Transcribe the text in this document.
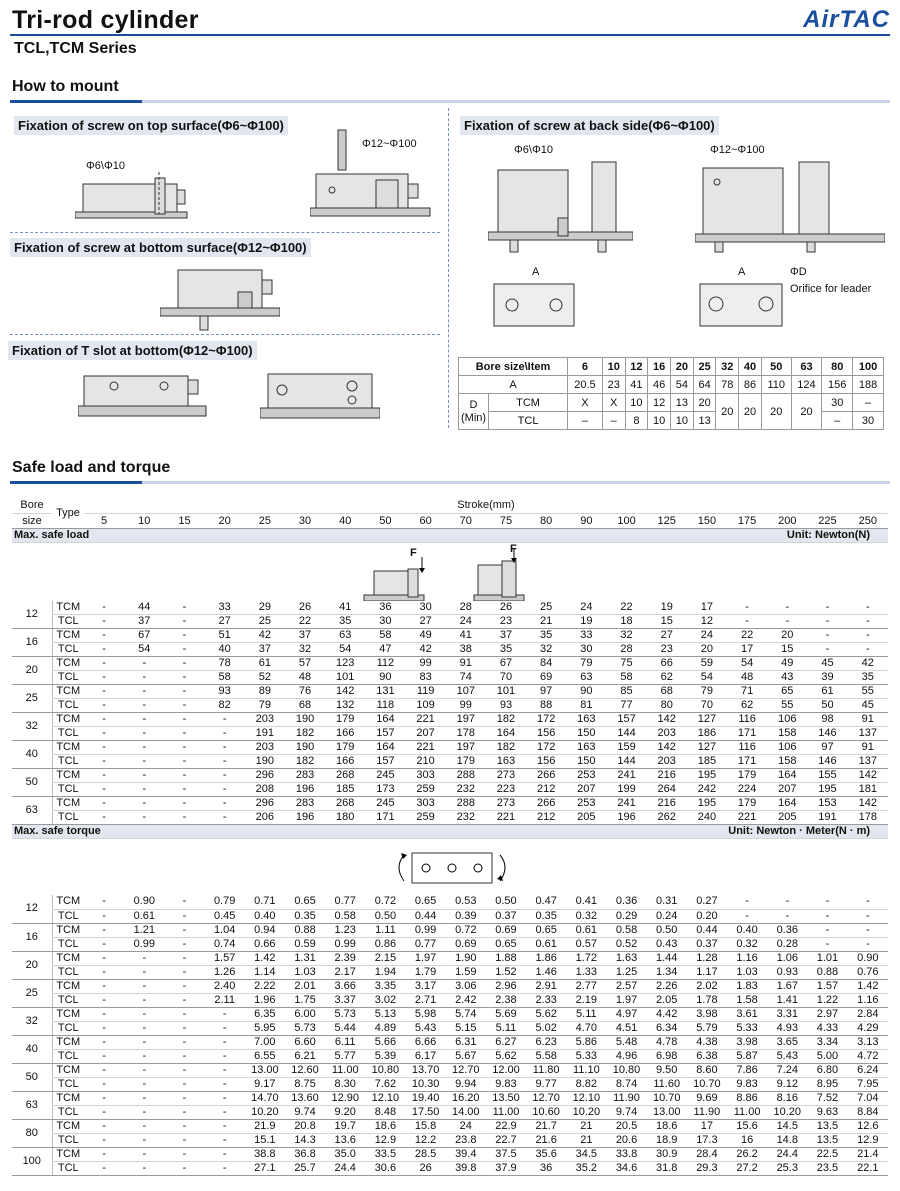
Tri-rod cylinder	AirTAC
TCL,TCM Series
How to mount
Fixation of screw on top surface(Φ6~Φ100)
Φ6\Φ10
Φ12~Φ100
Fixation of screw at bottom surface(Φ12~Φ100)
Fixation of T slot at bottom(Φ12~Φ100)
Fixation of screw at back side(Φ6~Φ100)
Φ6\Φ10	Φ12~Φ100
A	A	ΦD
Orifice for leader
Bore size\Item		6	10	12	16	20	25	32	40	50	63	80	100
A		20.5	23	41	46	54	64	78	86	110	124	156	188
D
(Min)	TCM	X	X	10	12	13	20	20	20	20	20	30	–
	TCL	–	–	8	10	10	13					–	30
Safe load and torque
Bore	Type	Stroke(mm)																			
size		5	10	15	20	25	30	40	50	60	70	75	80	90	100	125	150	175	200	225	250

Unit: Newton(N)
Max. safe load																					

F F																					

12	TCM	-	44	-	33	29	26	41	36	30	28	26	25	24	22	19	17	-	-	-	-
	TCL	-	37	-	27	25	22	35	30	27	24	23	21	19	18	15	12	-	-	-	-
16	TCM	-	67	-	51	42	37	63	58	49	41	37	35	33	32	27	24	22	20	-	-
	TCL	-	54	-	40	37	32	54	47	42	38	35	32	30	28	23	20	17	15	-	-
20	TCM	-	-	-	78	61	57	123	112	99	91	67	84	79	75	66	59	54	49	45	42
	TCL	-	-	-	58	52	48	101	90	83	74	70	69	63	58	62	54	48	43	39	35
25	TCM	-	-	-	93	89	76	142	131	119	107	101	97	90	85	68	79	71	65	61	55
	TCL	-	-	-	82	79	68	132	118	109	99	93	88	81	77	80	70	62	55	50	45
32	TCM	-	-	-	-	203	190	179	164	221	197	182	172	163	157	142	127	116	106	98	91
	TCL	-	-	-	-	191	182	166	157	207	178	164	156	150	144	203	186	171	158	146	137
40	TCM	-	-	-	-	203	190	179	164	221	197	182	172	163	159	142	127	116	106	97	91
	TCL	-	-	-	-	190	182	166	157	210	179	163	156	150	144	203	185	171	158	146	137
50	TCM	-	-	-	-	296	283	268	245	303	288	273	266	253	241	216	195	179	164	155	142
	TCL	-	-	-	-	208	196	185	173	259	232	223	212	207	199	264	242	224	207	195	181
63	TCM	-	-	-	-	296	283	268	245	303	288	273	266	253	241	216	195	179	164	153	142
	TCL	-	-	-	-	206	196	180	171	259	232	221	212	205	196	262	240	221	205	191	178

Unit: Newton · Meter(N · m)
Max. safe torque																					

12	TCM	-	0.90	-	0.79	0.71	0.65	0.77	0.72	0.65	0.53	0.50	0.47	0.41	0.36	0.31	0.27	-	-	-	-
	TCL	-	0.61	-	0.45	0.40	0.35	0.58	0.50	0.44	0.39	0.37	0.35	0.32	0.29	0.24	0.20	-	-	-	-
16	TCM	-	1.21	-	1.04	0.94	0.88	1.23	1.11	0.99	0.72	0.69	0.65	0.61	0.58	0.50	0.44	0.40	0.36	-	-
	TCL	-	0.99	-	0.74	0.66	0.59	0.99	0.86	0.77	0.69	0.65	0.61	0.57	0.52	0.43	0.37	0.32	0.28	-	-
20	TCM	-	-	-	1.57	1.42	1.31	2.39	2.15	1.97	1.90	1.88	1.86	1.72	1.63	1.44	1.28	1.16	1.06	1.01	0.90
	TCL	-	-	-	1.26	1.14	1.03	2.17	1.94	1.79	1.59	1.52	1.46	1.33	1.25	1.34	1.17	1.03	0.93	0.88	0.76
25	TCM	-	-	-	2.40	2.22	2.01	3.66	3.35	3.17	3.06	2.96	2.91	2.77	2.57	2.26	2.02	1.83	1.67	1.57	1.42
	TCL	-	-	-	2.11	1.96	1.75	3.37	3.02	2.71	2.42	2.38	2.33	2.19	1.97	2.05	1.78	1.58	1.41	1.22	1.16
32	TCM	-	-	-	-	6.35	6.00	5.73	5.13	5.98	5.74	5.69	5.62	5.11	4.97	4.42	3.98	3.61	3.31	2.97	2.84
	TCL	-	-	-	-	5.95	5.73	5.44	4.89	5.43	5.15	5.11	5.02	4.70	4.51	6.34	5.79	5.33	4.93	4.33	4.29
40	TCM	-	-	-	-	7.00	6.60	6.11	5.66	6.66	6.31	6.27	6.23	5.86	5.48	4.78	4.38	3.98	3.65	3.34	3.13
	TCL	-	-	-	-	6.55	6.21	5.77	5.39	6.17	5.67	5.62	5.58	5.33	4.96	6.98	6.38	5.87	5.43	5.00	4.72
50	TCM	-	-	-	-	13.00	12.60	11.00	10.80	13.70	12.70	12.00	11.80	11.10	10.80	9.50	8.60	7.86	7.24	6.80	6.24
	TCL	-	-	-	-	9.17	8.75	8.30	7.62	10.30	9.94	9.83	9.77	8.82	8.74	11.60	10.70	9.83	9.12	8.95	7.95
63	TCM	-	-	-	-	14.70	13.60	12.90	12.10	19.40	16.20	13.50	12.70	12.10	11.90	10.70	9.69	8.86	8.16	7.52	7.04
	TCL	-	-	-	-	10.20	9.74	9.20	8.48	17.50	14.00	11.00	10.60	10.20	9.74	13.00	11.90	11.00	10.20	9.63	8.84
80	TCM	-	-	-	-	21.9	20.8	19.7	18.6	15.8	24	22.9	21.7	21	20.5	18.6	17	15.6	14.5	13.5	12.6
	TCL	-	-	-	-	15.1	14.3	13.6	12.9	12.2	23.8	22.7	21.6	21	20.6	18.9	17.3	16	14.8	13.5	12.9
100	TCM	-	-	-	-	38.8	36.8	35.0	33.5	28.5	39.4	37.5	35.6	34.5	33.8	30.9	28.4	26.2	24.4	22.5	21.4
	TCL	-	-	-	-	27.1	25.7	24.4	30.6	26	39.8	37.9	36	35.2	34.6	31.8	29.3	27.2	25.3	23.5	22.1
